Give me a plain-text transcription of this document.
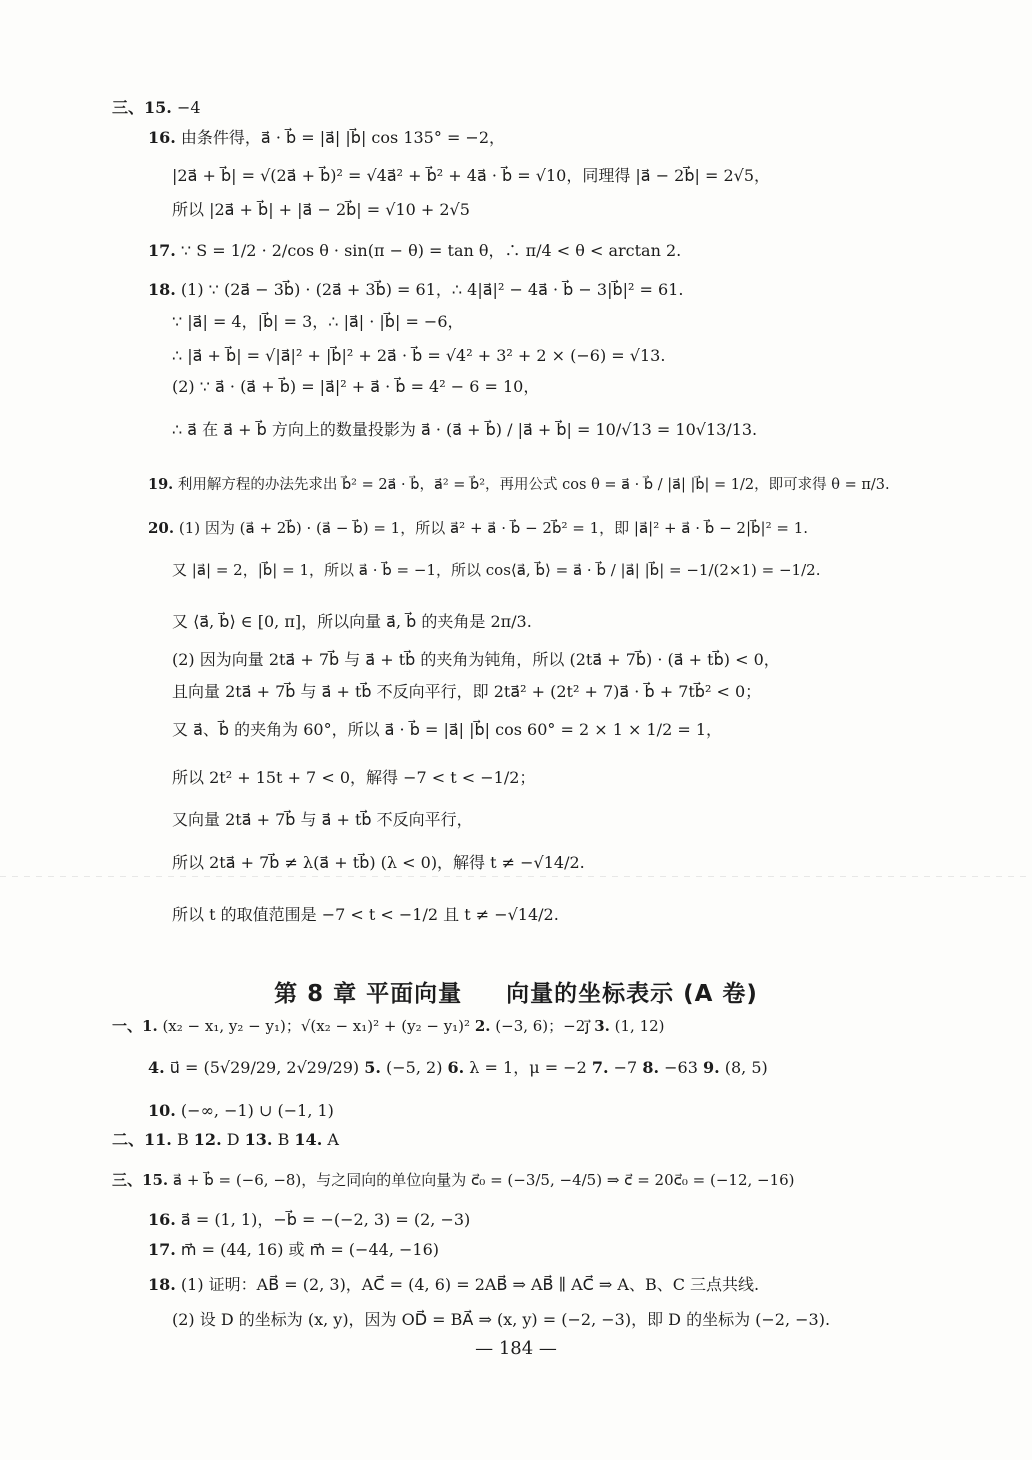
三、15. −4
16. 由条件得，a⃗ · b⃗ = |a⃗| |b⃗| cos 135° = −2，
|2a⃗ + b⃗| = √(2a⃗ + b⃗)² = √4a⃗² + b⃗² + 4a⃗ · b⃗ = √10，同理得 |a⃗ − 2b⃗| = 2√5，
所以 |2a⃗ + b⃗| + |a⃗ − 2b⃗| = √10 + 2√5
17. ∵ S = 1/2 · 2/cos θ · sin(π − θ) = tan θ，∴ π/4 < θ < arctan 2.
18. (1) ∵ (2a⃗ − 3b⃗) · (2a⃗ + 3b⃗) = 61，∴ 4|a⃗|² − 4a⃗ · b⃗ − 3|b⃗|² = 61.
∵ |a⃗| = 4，|b⃗| = 3，∴ |a⃗| · |b⃗| = −6，
∴ |a⃗ + b⃗| = √|a⃗|² + |b⃗|² + 2a⃗ · b⃗ = √4² + 3² + 2 × (−6) = √13.
(2) ∵ a⃗ · (a⃗ + b⃗) = |a⃗|² + a⃗ · b⃗ = 4² − 6 = 10，
∴ a⃗ 在 a⃗ + b⃗ 方向上的数量投影为 a⃗ · (a⃗ + b⃗) / |a⃗ + b⃗| = 10/√13 = 10√13/13.
19. 利用解方程的办法先求出 b⃗² = 2a⃗ · b⃗，a⃗² = b⃗²，再用公式 cos θ = a⃗ · b⃗ / |a⃗| |b⃗| = 1/2，即可求得 θ = π/3.
20. (1) 因为 (a⃗ + 2b⃗) · (a⃗ − b⃗) = 1，所以 a⃗² + a⃗ · b⃗ − 2b⃗² = 1，即 |a⃗|² + a⃗ · b⃗ − 2|b⃗|² = 1.
又 |a⃗| = 2，|b⃗| = 1，所以 a⃗ · b⃗ = −1，所以 cos⟨a⃗, b⃗⟩ = a⃗ · b⃗ / |a⃗| |b⃗| = −1/(2×1) = −1/2.
又 ⟨a⃗, b⃗⟩ ∈ [0, π]，所以向量 a⃗, b⃗ 的夹角是 2π/3.
(2) 因为向量 2ta⃗ + 7b⃗ 与 a⃗ + tb⃗ 的夹角为钝角，所以 (2ta⃗ + 7b⃗) · (a⃗ + tb⃗) < 0，
且向量 2ta⃗ + 7b⃗ 与 a⃗ + tb⃗ 不反向平行，即 2ta⃗² + (2t² + 7)a⃗ · b⃗ + 7tb⃗² < 0；
又 a⃗、b⃗ 的夹角为 60°，所以 a⃗ · b⃗ = |a⃗| |b⃗| cos 60° = 2 × 1 × 1/2 = 1，
所以 2t² + 15t + 7 < 0，解得 −7 < t < −1/2；
又向量 2ta⃗ + 7b⃗ 与 a⃗ + tb⃗ 不反向平行，
所以 2ta⃗ + 7b⃗ ≠ λ(a⃗ + tb⃗) (λ < 0)，解得 t ≠ −√14/2.
所以 t 的取值范围是 −7 < t < −1/2 且 t ≠ −√14/2.
第 8 章 平面向量 向量的坐标表示 (A 卷)
一、1. (x₂ − x₁, y₂ − y₁)；√(x₂ − x₁)² + (y₂ − y₁)² 2. (−3, 6)；−2j⃗ 3. (1, 12)
4. u⃗ = (5√29/29, 2√29/29) 5. (−5, 2) 6. λ = 1，μ = −2 7. −7 8. −63 9. (8, 5)
10. (−∞, −1) ∪ (−1, 1)
二、11. B 12. D 13. B 14. A
三、15. a⃗ + b⃗ = (−6, −8)，与之同向的单位向量为 c⃗₀ = (−3/5, −4/5) ⇒ c⃗ = 20c⃗₀ = (−12, −16)
16. a⃗ = (1, 1)，−b⃗ = −(−2, 3) = (2, −3)
17. m⃗ = (44, 16) 或 m⃗ = (−44, −16)
18. (1) 证明：AB⃗ = (2, 3)，AC⃗ = (4, 6) = 2AB⃗ ⇒ AB⃗ ∥ AC⃗ ⇒ A、B、C 三点共线.
(2) 设 D 的坐标为 (x, y)，因为 OD⃗ = BA⃗ ⇒ (x, y) = (−2, −3)，即 D 的坐标为 (−2, −3).
— 184 —
